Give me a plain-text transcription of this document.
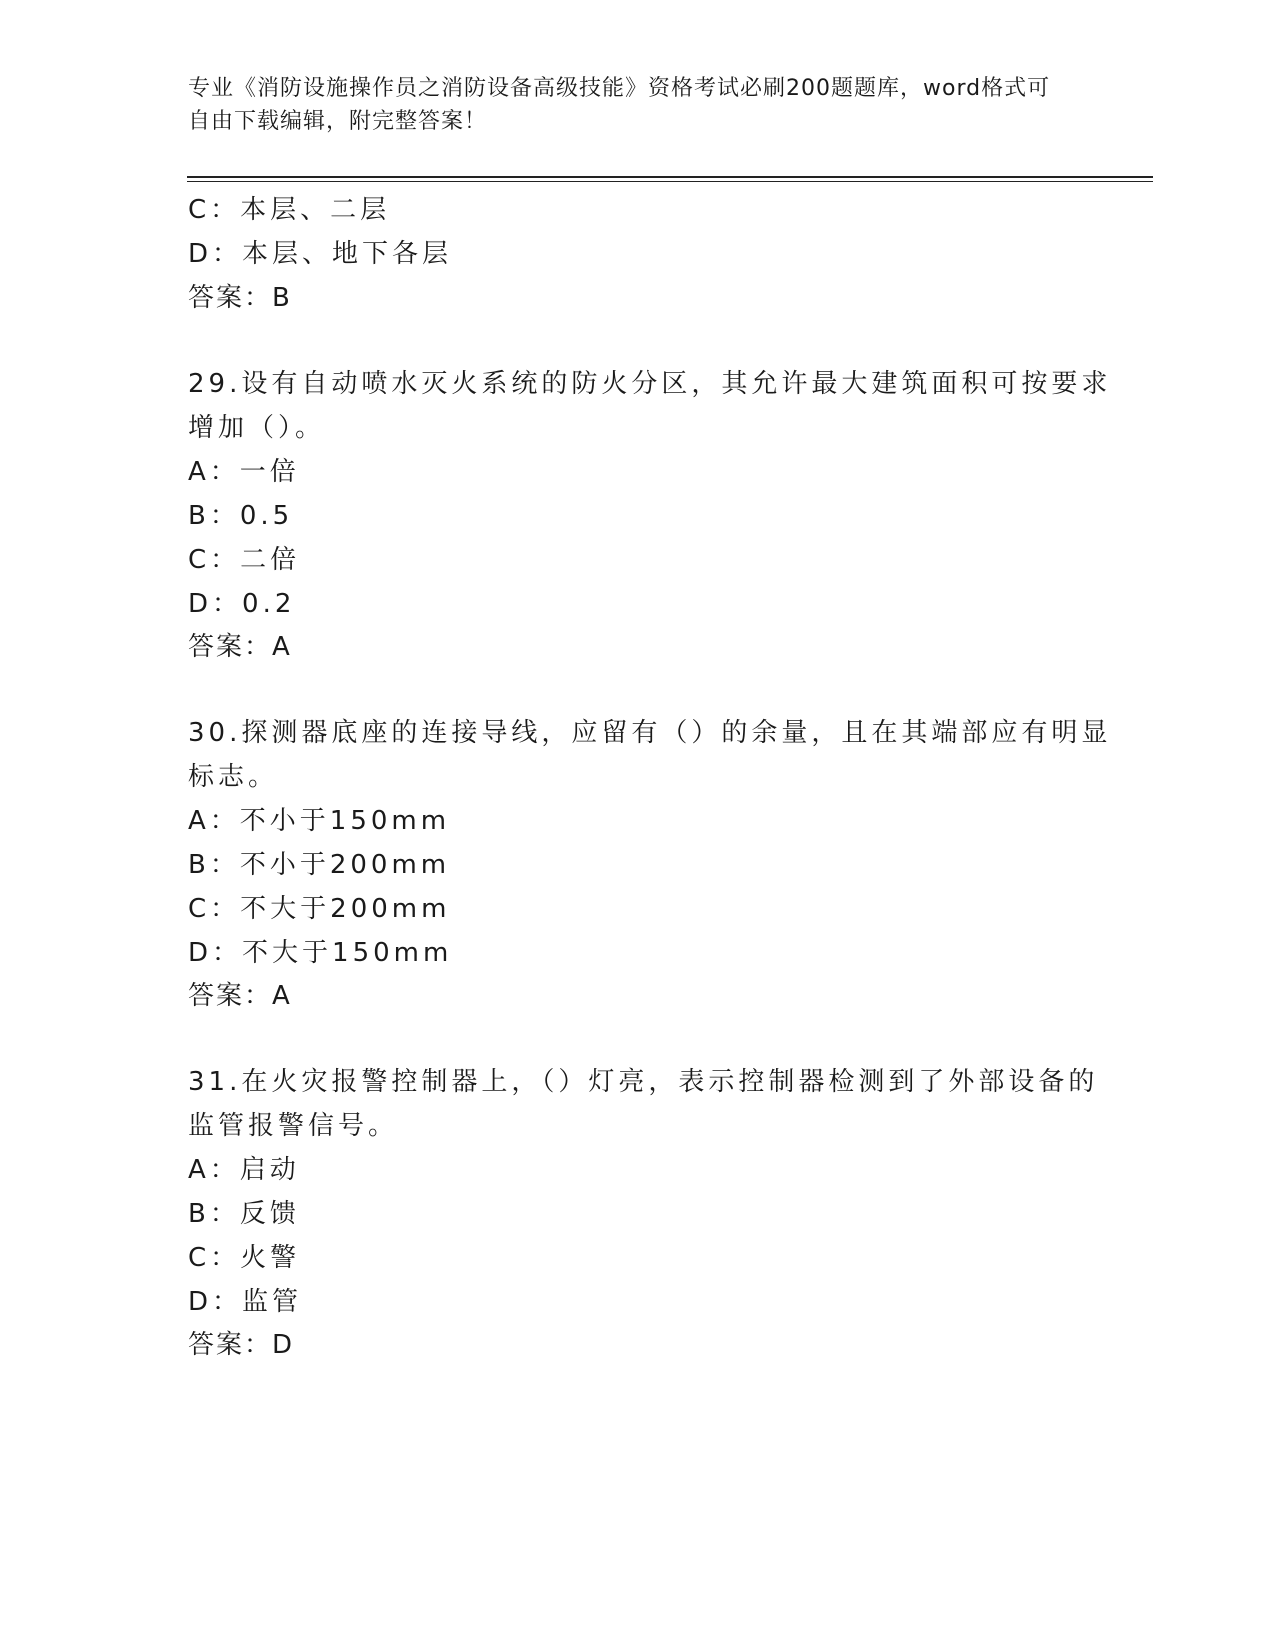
专业《消防设施操作员之消防设备高级技能》资格考试必刷200题题库，word格式可自由下载编辑，附完整答案！
C：本层、二层
D：本层、地下各层
答案：B
29.设有自动喷水灭火系统的防火分区，其允许最大建筑面积可按要求
增加（）。
A：一倍
B：0.5
C：二倍
D：0.2
答案：A
30.探测器底座的连接导线，应留有（）的余量，且在其端部应有明显
标志。
A：不小于150mm
B：不小于200mm
C：不大于200mm
D：不大于150mm
答案：A
31.在火灾报警控制器上，（）灯亮，表示控制器检测到了外部设备的
监管报警信号。
A：启动
B：反馈
C：火警
D：监管
答案：D
